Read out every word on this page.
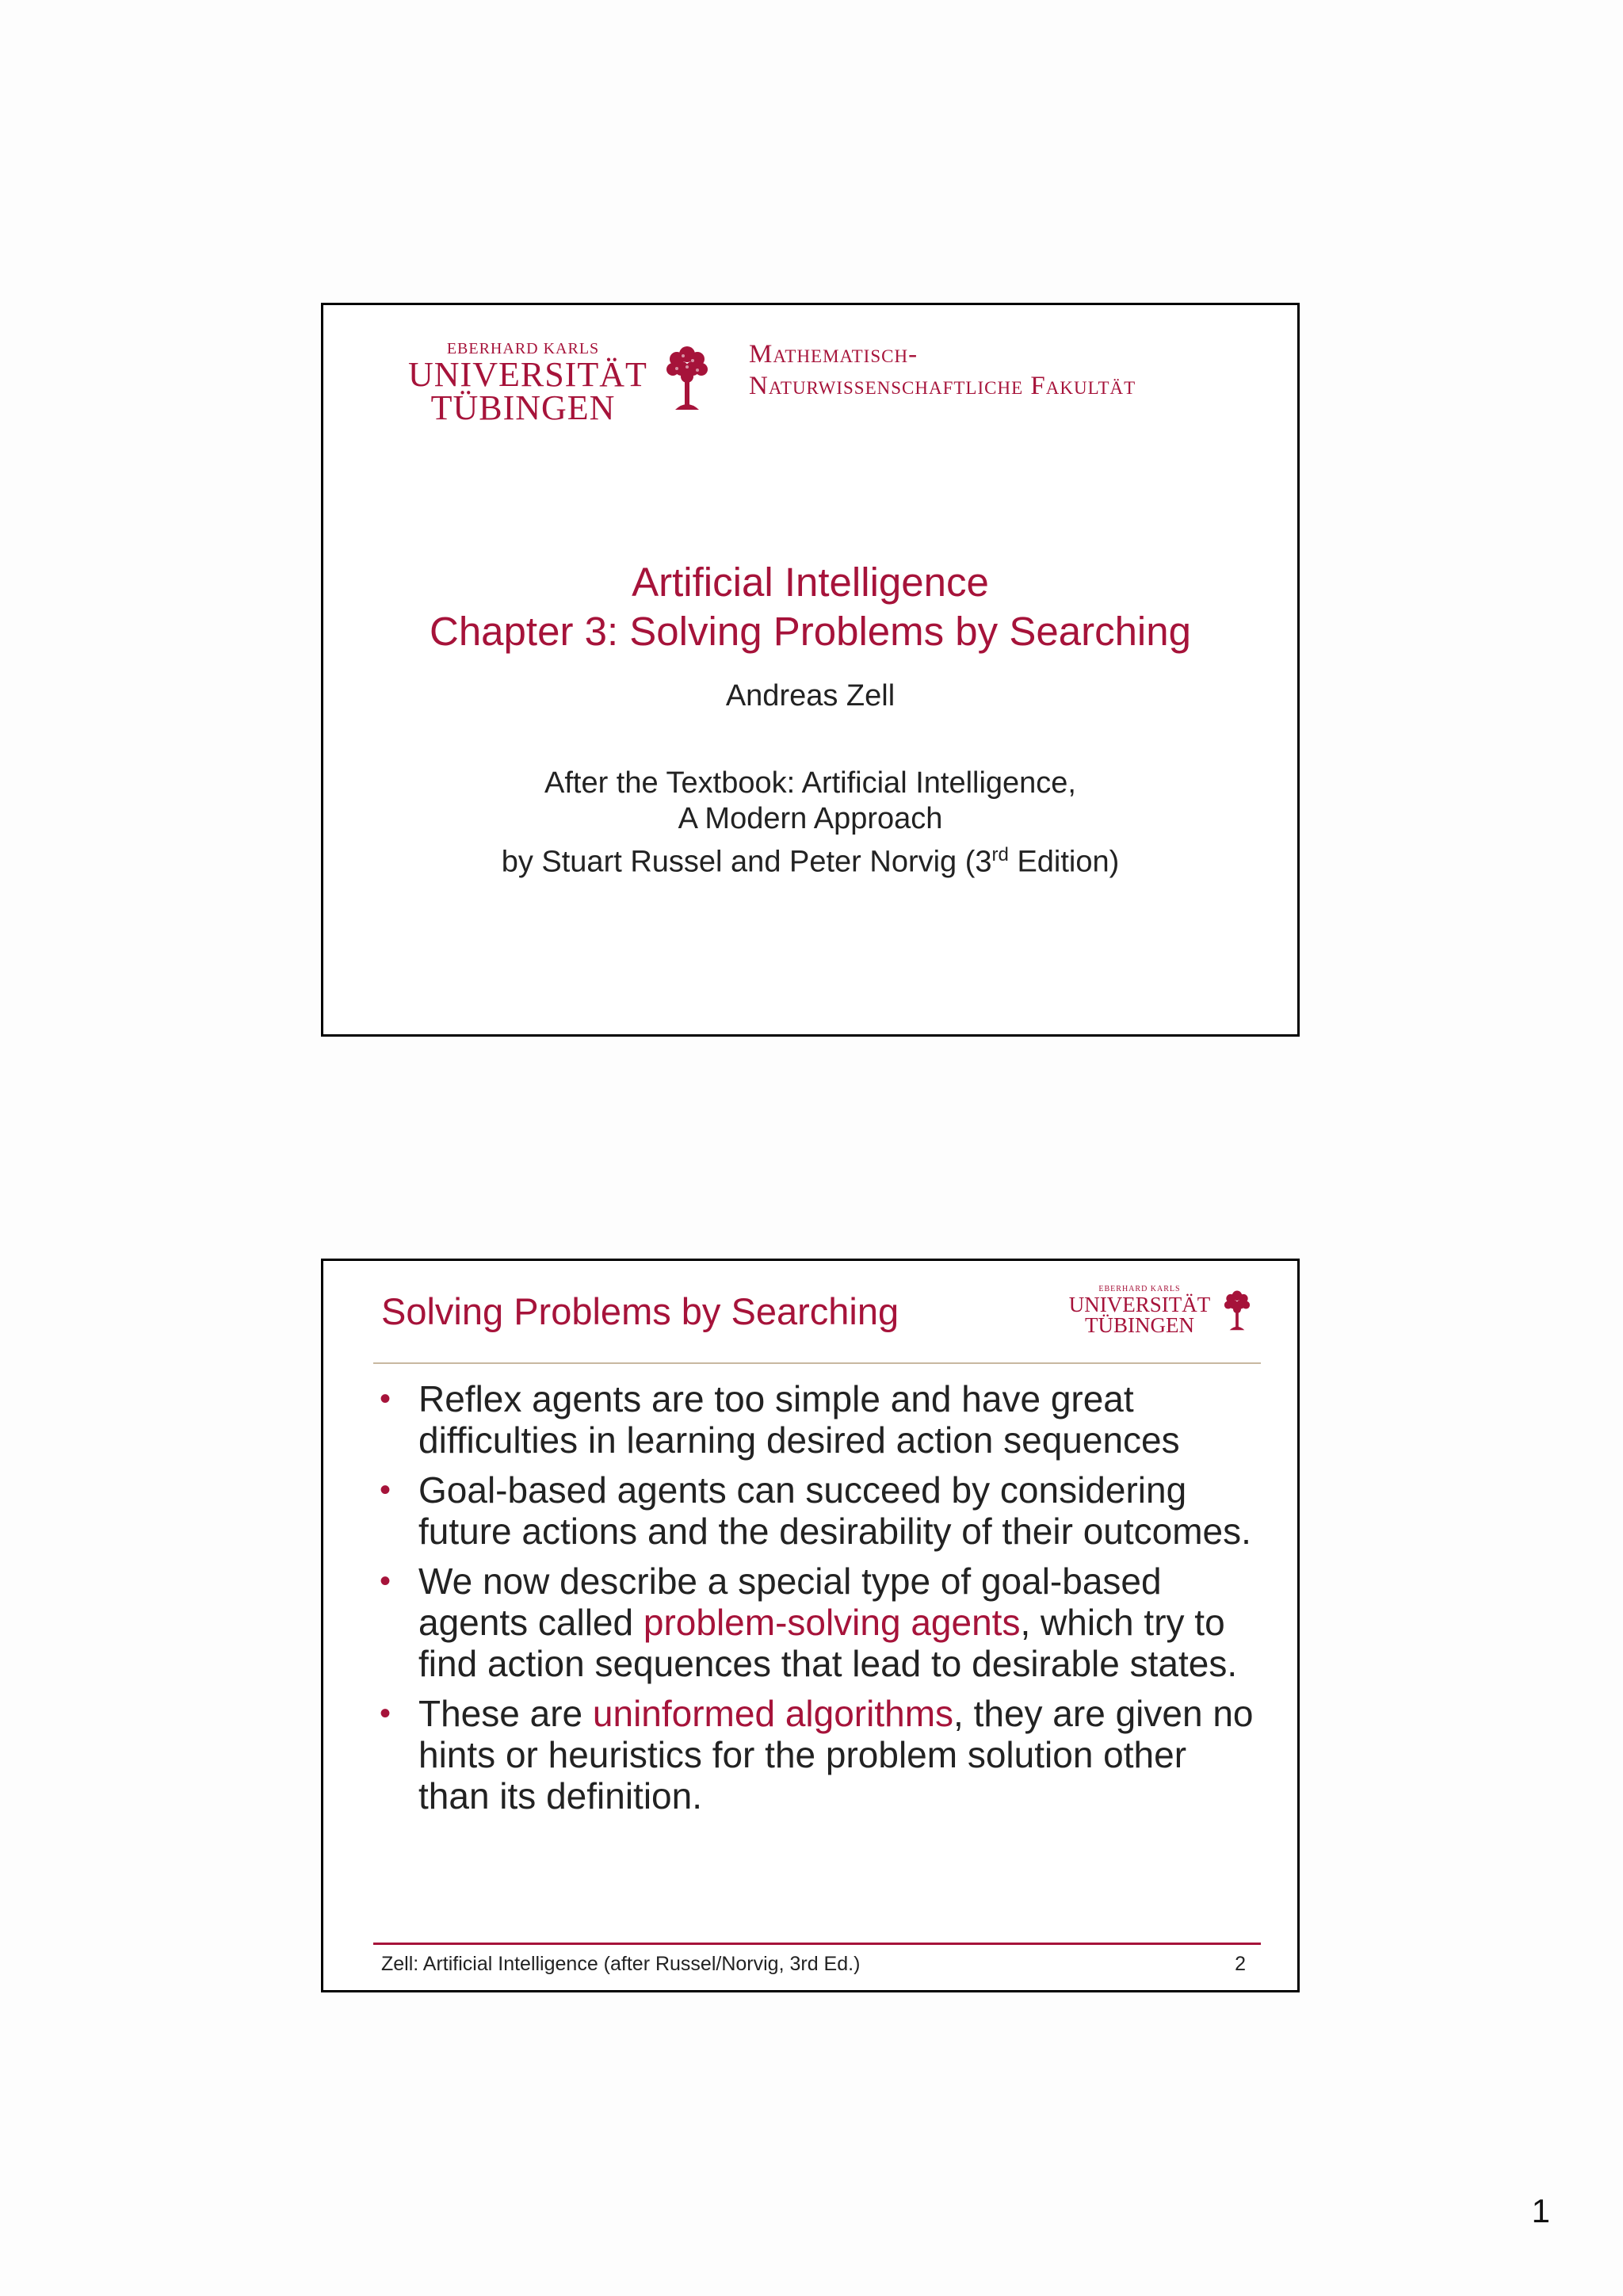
EBERHARD KARLS
UNIVERSITÄT
TÜBINGEN
Mathematisch-
Naturwissenschaftliche Fakultät
Artificial Intelligence
Chapter 3: Solving Problems by Searching
Andreas Zell
After the Textbook: Artificial Intelligence,
A Modern Approach
by Stuart Russel and Peter Norvig (3rd Edition)
Solving Problems by Searching
EBERHARD KARLS
UNIVERSITÄT
TÜBINGEN
• Reflex agents are too simple and have great difficulties in learning desired action sequences
• Goal-based agents can succeed by considering future actions and the desirability of their outcomes.
• We now describe a special type of goal-based agents called problem-solving agents, which try to find action sequences that lead to desirable states.
• These are uninformed algorithms, they are given no hints or heuristics for the problem solution other than its definition.
Zell: Artificial Intelligence (after Russel/Norvig, 3rd Ed.)	2
1
